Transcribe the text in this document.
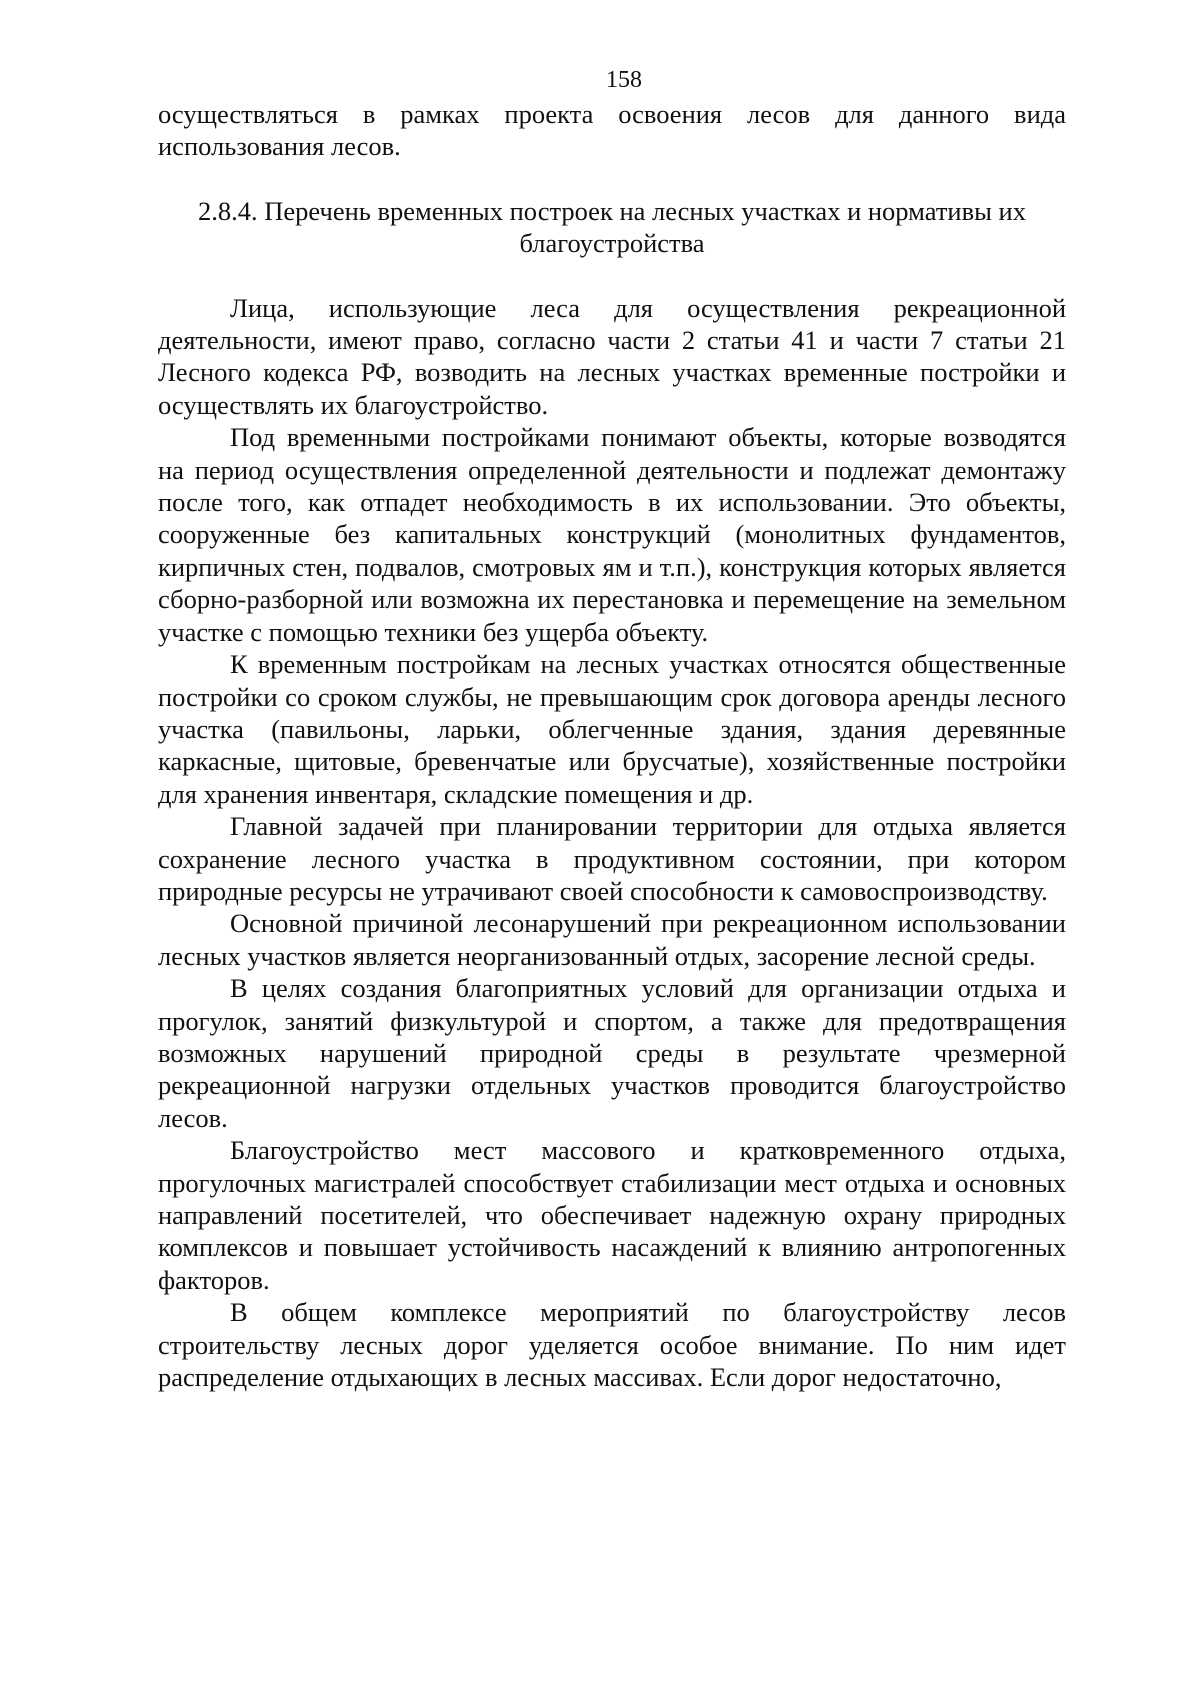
158

осуществляться в рамках проекта освоения лесов для данного вида использования лесов.

2.8.4. Перечень временных построек на лесных участках и нормативы их благоустройства

Лица, использующие леса для осуществления рекреационной деятельности, имеют право, согласно части 2 статьи 41 и части 7 статьи 21 Лесного кодекса РФ, возводить на лесных участках временные постройки и осуществлять их благоустройство.

Под временными постройками понимают объекты, которые возводятся на период осуществления определенной деятельности и подлежат демонтажу после того, как отпадет необходимость в их использовании. Это объекты, сооруженные без капитальных конструкций (монолитных фундаментов, кирпичных стен, подвалов, смотровых ям и т.п.), конструкция которых является сборно-разборной или возможна их перестановка и перемещение на земельном участке с помощью техники без ущерба объекту.

К временным постройкам на лесных участках относятся общественные постройки со сроком службы, не превышающим срок договора аренды лесного участка (павильоны, ларьки, облегченные здания, здания деревянные каркасные, щитовые, бревенчатые или брусчатые), хозяйственные постройки для хранения инвентаря, складские помещения и др.

Главной задачей при планировании территории для отдыха является сохранение лесного участка в продуктивном состоянии, при котором природные ресурсы не утрачивают своей способности к самовоспроизводству.

Основной причиной лесонарушений при рекреационном использовании лесных участков является неорганизованный отдых, засорение лесной среды.

В целях создания благоприятных условий для организации отдыха и прогулок, занятий физкультурой и спортом, а также для предотвращения возможных нарушений природной среды в результате чрезмерной рекреационной нагрузки отдельных участков проводится благоустройство лесов.

Благоустройство мест массового и кратковременного отдыха, прогулочных магистралей способствует стабилизации мест отдыха и основных направлений посетителей, что обеспечивает надежную охрану природных комплексов и повышает устойчивость насаждений к влиянию антропогенных факторов.

В общем комплексе мероприятий по благоустройству лесов строительству лесных дорог уделяется особое внимание. По ним идет распределение отдыхающих в лесных массивах. Если дорог недостаточно,
